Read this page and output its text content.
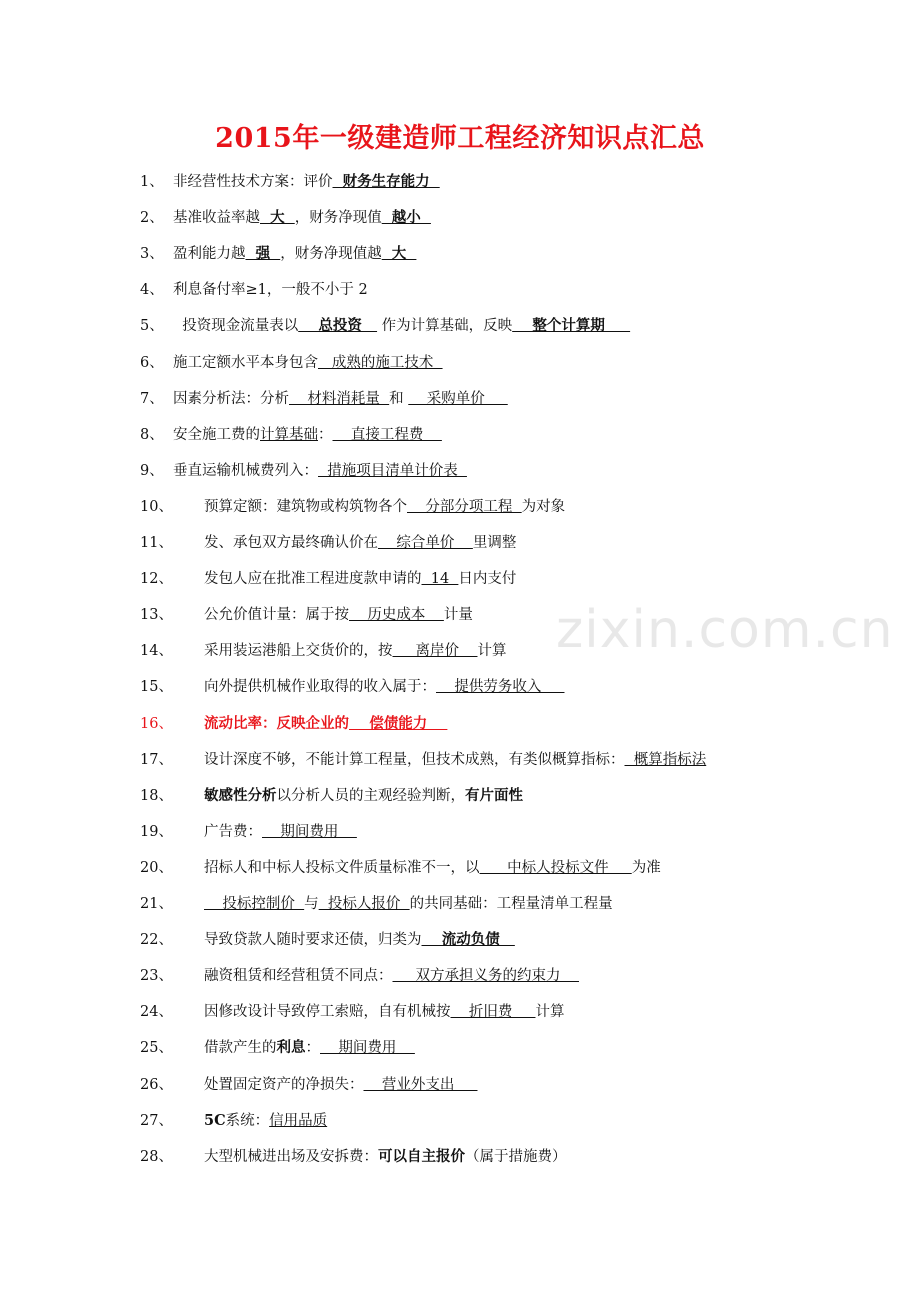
2015年一级建造师工程经济知识点汇总
zixin.com.cn
1、 非经营性技术方案：评价  财务生存能力
2、 基准收益率越  大  ，财务净现值  越小
3、 盈利能力越  强  ，财务净现值越  大
4、 利息备付率≥1，一般不小于 2
5、 投资现金流量表以    总投资    作为计算基础，反映    整个计算期
6、 施工定额水平本身包含   成熟的施工技术
7、 因素分析法：分析    材料消耗量  和     采购单价
8、 安全施工费的计算基础：    直接工程费
9、 垂直运输机械费列入：  措施项目清单计价表
10、 预算定额：建筑物或构筑物各个    分部分项工程  为对象
11、 发、承包双方最终确认价在    综合单价    里调整
12、 发包人应在批准工程进度款申请的  14  日内支付
13、 公允价值计量：属于按    历史成本    计量
14、 采用装运港船上交货价的，按     离岸价    计算
15、 向外提供机械作业取得的收入属于：    提供劳务收入
16、 流动比率：反映企业的    偿债能力
17、 设计深度不够，不能计算工程量，但技术成熟，有类似概算指标：  概算指标法
18、 敏感性分析以分析人员的主观经验判断，有片面性
19、 广告费：    期间费用
20、 招标人和中标人投标文件质量标准不一，以      中标人投标文件     为准
21、 投标控制价  与  投标人报价  的共同基础：工程量清单工程量
22、 导致贷款人随时要求还债，归类为    流动负债
23、 融资租赁和经营租赁不同点：     双方承担义务的约束力
24、 因修改设计导致停工索赔，自有机械按    折旧费     计算
25、 借款产生的利息：    期间费用
26、 处置固定资产的净损失：    营业外支出
27、 5C系统：信用品质
28、 大型机械进出场及安拆费：可以自主报价（属于措施费）
